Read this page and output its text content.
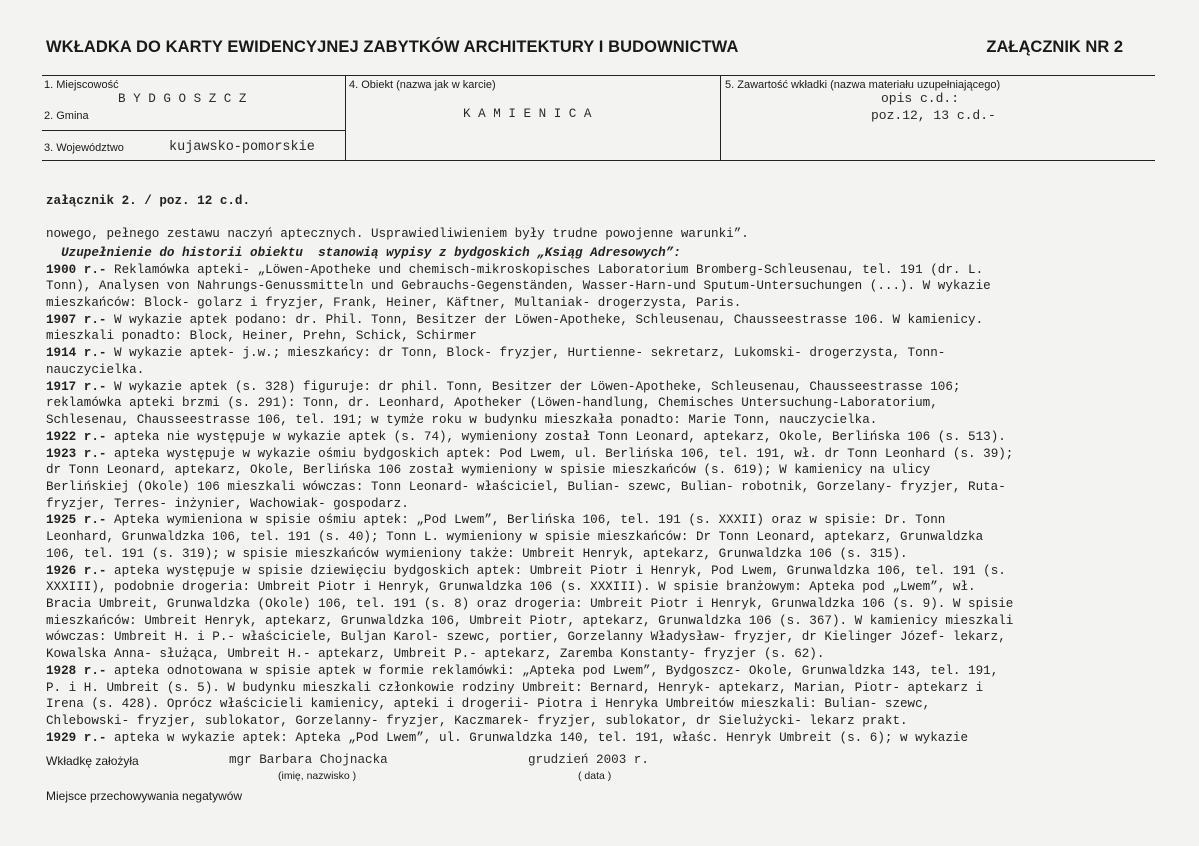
WKŁADKA DO KARTY EWIDENCYJNEJ ZABYTKÓW ARCHITEKTURY I BUDOWNICTWA	ZAŁĄCZNIK NR 2
1. Miejscowość
B Y D G O S Z C Z
2. Gmina
3. Województwo	kujawsko-pomorskie
4. Obiekt (nazwa jak w karcie)
K A M I E N I C A
5. Zawartość wkładki (nazwa materiału uzupełniającego)
opis c.d.:
poz.12, 13 c.d.-

załącznik 2. / poz. 12 c.d.

nowego, pełnego zestawu naczyń aptecznych. Usprawiedliwieniem były trudne powojenne warunki”.
Uzupełnienie do historii obiektu  stanowią wypisy z bydgoskich „Ksiąg Adresowych”:
1900 r.- Reklamówka apteki- „Löwen-Apotheke und chemisch-mikroskopisches Laboratorium Bromberg-Schleusenau, tel. 191 (dr. L.
Tonn), Analysen von Nahrungs-Genussmitteln und Gebrauchs-Gegenständen, Wasser-Harn-und Sputum-Untersuchungen (...). W wykazie
mieszkańców: Block- golarz i fryzjer, Frank, Heiner, Käftner, Multaniak- drogerzysta, Paris.
1907 r.- W wykazie aptek podano: dr. Phil. Tonn, Besitzer der Löwen-Apotheke, Schleusenau, Chausseestrasse 106. W kamienicy.
mieszkali ponadto: Block, Heiner, Prehn, Schick, Schirmer
1914 r.- W wykazie aptek- j.w.; mieszkańcy: dr Tonn, Block- fryzjer, Hurtienne- sekretarz, Lukomski- drogerzysta, Tonn-
nauczycielka.
1917 r.- W wykazie aptek (s. 328) figuruje: dr phil. Tonn, Besitzer der Löwen-Apotheke, Schleusenau, Chausseestrasse 106;
reklamówka apteki brzmi (s. 291): Tonn, dr. Leonhard, Apotheker (Löwen-handlung, Chemisches Untersuchung-Laboratorium,
Schlesenau, Chausseestrasse 106, tel. 191; w tymże roku w budynku mieszkała ponadto: Marie Tonn, nauczycielka.
1922 r.- apteka nie występuje w wykazie aptek (s. 74), wymieniony został Tonn Leonard, aptekarz, Okole, Berlińska 106 (s. 513).
1923 r.- apteka występuje w wykazie ośmiu bydgoskich aptek: Pod Lwem, ul. Berlińska 106, tel. 191, wł. dr Tonn Leonhard (s. 39);
dr Tonn Leonard, aptekarz, Okole, Berlińska 106 został wymieniony w spisie mieszkańców (s. 619); W kamienicy na ulicy
Berlińskiej (Okole) 106 mieszkali wówczas: Tonn Leonard- właściciel, Bulian- szewc, Bulian- robotnik, Gorzelany- fryzjer, Ruta-
fryzjer, Terres- inżynier, Wachowiak- gospodarz.
1925 r.- Apteka wymieniona w spisie ośmiu aptek: „Pod Lwem”, Berlińska 106, tel. 191 (s. XXXII) oraz w spisie: Dr. Tonn
Leonhard, Grunwaldzka 106, tel. 191 (s. 40); Tonn L. wymieniony w spisie mieszkańców: Dr Tonn Leonard, aptekarz, Grunwaldzka
106, tel. 191 (s. 319); w spisie mieszkańców wymieniony także: Umbreit Henryk, aptekarz, Grunwaldzka 106 (s. 315).
1926 r.- apteka występuje w spisie dziewięciu bydgoskich aptek: Umbreit Piotr i Henryk, Pod Lwem, Grunwaldzka 106, tel. 191 (s.
XXXIII), podobnie drogeria: Umbreit Piotr i Henryk, Grunwaldzka 106 (s. XXXIII). W spisie branżowym: Apteka pod „Lwem”, wł.
Bracia Umbreit, Grunwaldzka (Okole) 106, tel. 191 (s. 8) oraz drogeria: Umbreit Piotr i Henryk, Grunwaldzka 106 (s. 9). W spisie
mieszkańców: Umbreit Henryk, aptekarz, Grunwaldzka 106, Umbreit Piotr, aptekarz, Grunwaldzka 106 (s. 367). W kamienicy mieszkali
wówczas: Umbreit H. i P.- właściciele, Buljan Karol- szewc, portier, Gorzelanny Władysław- fryzjer, dr Kielinger Józef- lekarz,
Kowalska Anna- służąca, Umbreit H.- aptekarz, Umbreit P.- aptekarz, Zaremba Konstanty- fryzjer (s. 62).
1928 r.- apteka odnotowana w spisie aptek w formie reklamówki: „Apteka pod Lwem”, Bydgoszcz- Okole, Grunwaldzka 143, tel. 191,
P. i H. Umbreit (s. 5). W budynku mieszkali członkowie rodziny Umbreit: Bernard, Henryk- aptekarz, Marian, Piotr- aptekarz i
Irena (s. 428). Oprócz właścicieli kamienicy, apteki i drogerii- Piotra i Henryka Umbreitów mieszkali: Bulian- szewc,
Chlebowski- fryzjer, sublokator, Gorzelanny- fryzjer, Kaczmarek- fryzjer, sublokator, dr Sielużycki- lekarz prakt.
1929 r.- apteka w wykazie aptek: Apteka „Pod Lwem”, ul. Grunwaldzka 140, tel. 191, właśc. Henryk Umbreit (s. 6); w wykazie

Wkładkę założyła	mgr Barbara Chojnacka
(imię, nazwisko )
grudzień 2003 r.
( data )
Miejsce przechowywania negatywów
